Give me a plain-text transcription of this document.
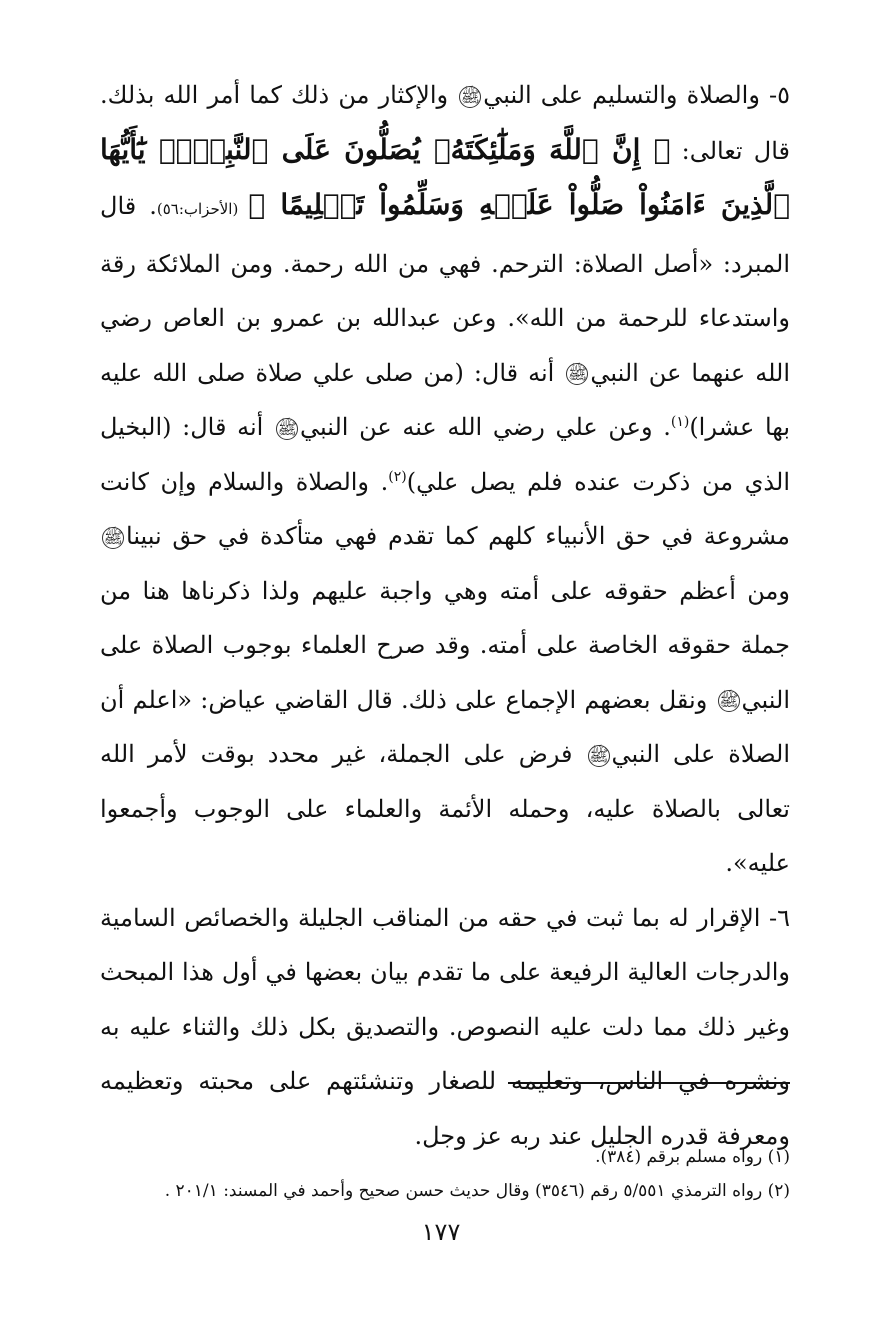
٥- والصلاة والتسليم على النبيﷺ والإكثار من ذلك كما أمر الله بذلك. قال تعالى: ﴿ إِنَّ ٱللَّهَ وَمَلَٰٓئِكَتَهُۥ يُصَلُّونَ عَلَى ٱلنَّبِيِّۚ يَٰٓأَيُّهَا ٱلَّذِينَ ءَامَنُواْ صَلُّواْ عَلَيۡهِ وَسَلِّمُواْ تَسۡلِيمًا ﴾ (الأحزاب:٥٦). قال المبرد: «أصل الصلاة: الترحم. فهي من الله رحمة. ومن الملائكة رقة واستدعاء للرحمة من الله». وعن عبدالله بن عمرو بن العاص رضي الله عنهما عن النبيﷺ أنه قال: (من صلى علي صلاة صلى الله عليه بها عشرا)$^{(١)}$. وعن علي رضي الله عنه عن النبيﷺ أنه قال: (البخيل الذي من ذكرت عنده فلم يصل علي)$^{(٢)}$. والصلاة والسلام وإن كانت مشروعة في حق الأنبياء كلهم كما تقدم فهي متأكدة في حق نبيناﷺ ومن أعظم حقوقه على أمته وهي واجبة عليهم ولذا ذكرناها هنا من جملة حقوقه الخاصة على أمته. وقد صرح العلماء بوجوب الصلاة على النبيﷺ ونقل بعضهم الإجماع على ذلك. قال القاضي عياض: «اعلم أن الصلاة على النبيﷺ فرض على الجملة، غير محدد بوقت لأمر الله تعالى بالصلاة عليه، وحمله الأئمة والعلماء على الوجوب وأجمعوا عليه».

٦- الإقرار له بما ثبت في حقه من المناقب الجليلة والخصائص السامية والدرجات العالية الرفيعة على ما تقدم بيان بعضها في أول هذا المبحث وغير ذلك مما دلت عليه النصوص. والتصديق بكل ذلك والثناء عليه به ونشره في الناس، وتعليمه للصغار وتنشئتهم على محبته وتعظيمه ومعرفة قدره الجليل عند ربه عز وجل.

(١) رواه مسلم برقم (٣٨٤).

(٢) رواه الترمذي ٥/٥٥١ رقم (٣٥٤٦) وقال حديث حسن صحيح وأحمد في المسند: ٢٠١/١ .

١٧٧
